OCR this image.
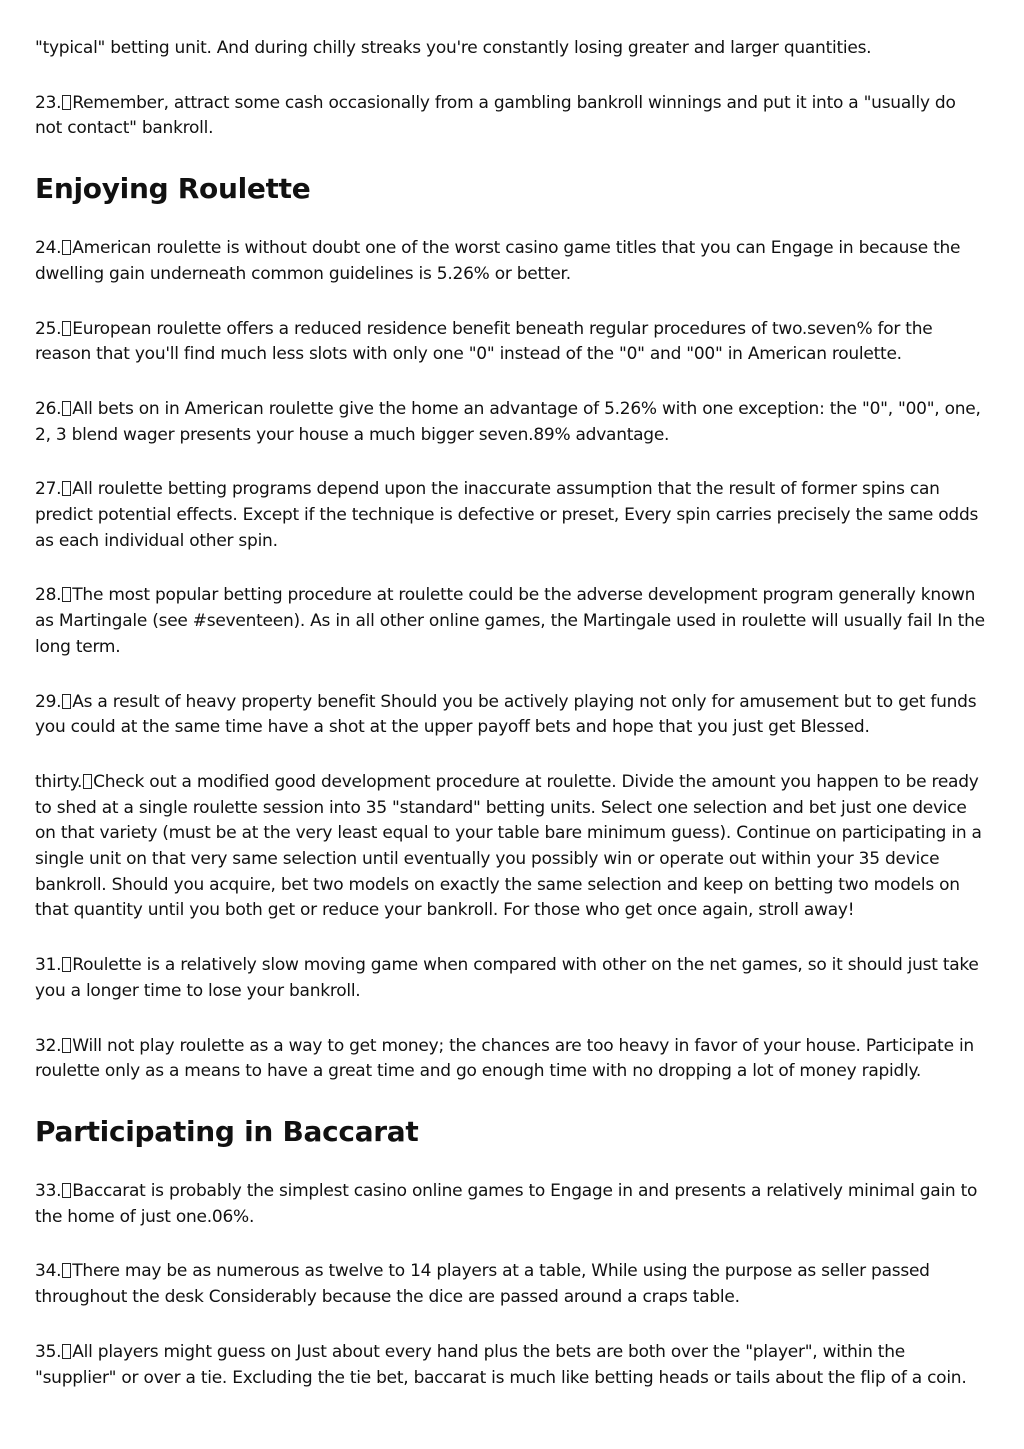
"typical" betting unit. And during chilly streaks you're constantly losing greater and larger quantities.

23. Remember, attract some cash occasionally from a gambling bankroll winnings and put it into a "usually do not contact" bankroll.

Enjoying Roulette

24. American roulette is without doubt one of the worst casino game titles that you can Engage in because the dwelling gain underneath common guidelines is 5.26% or better.

25. European roulette offers a reduced residence benefit beneath regular procedures of two.seven% for the reason that you'll find much less slots with only one "0" instead of the "0" and "00" in American roulette.

26. All bets on in American roulette give the home an advantage of 5.26% with one exception: the "0", "00", one, 2, 3 blend wager presents your house a much bigger seven.89% advantage.

27. All roulette betting programs depend upon the inaccurate assumption that the result of former spins can predict potential effects. Except if the technique is defective or preset, Every spin carries precisely the same odds as each individual other spin.

28. The most popular betting procedure at roulette could be the adverse development program generally known as Martingale (see #seventeen). As in all other online games, the Martingale used in roulette will usually fail In the long term.

29. As a result of heavy property benefit Should you be actively playing not only for amusement but to get funds you could at the same time have a shot at the upper payoff bets and hope that you just get Blessed.

thirty. Check out a modified good development procedure at roulette. Divide the amount you happen to be ready to shed at a single roulette session into 35 "standard" betting units. Select one selection and bet just one device on that variety (must be at the very least equal to your table bare minimum guess). Continue on participating in a single unit on that very same selection until eventually you possibly win or operate out within your 35 device bankroll. Should you acquire, bet two models on exactly the same selection and keep on betting two models on that quantity until you both get or reduce your bankroll. For those who get once again, stroll away!

31. Roulette is a relatively slow moving game when compared with other on the net games, so it should just take you a longer time to lose your bankroll.

32. Will not play roulette as a way to get money; the chances are too heavy in favor of your house. Participate in roulette only as a means to have a great time and go enough time with no dropping a lot of money rapidly.

Participating in Baccarat

33. Baccarat is probably the simplest casino online games to Engage in and presents a relatively minimal gain to the home of just one.06%.

34. There may be as numerous as twelve to 14 players at a table, While using the purpose as seller passed throughout the desk Considerably because the dice are passed around a craps table.

35. All players might guess on Just about every hand plus the bets are both over the "player", within the "supplier" or over a tie. Excluding the tie bet, baccarat is much like betting heads or tails about the flip of a coin.
